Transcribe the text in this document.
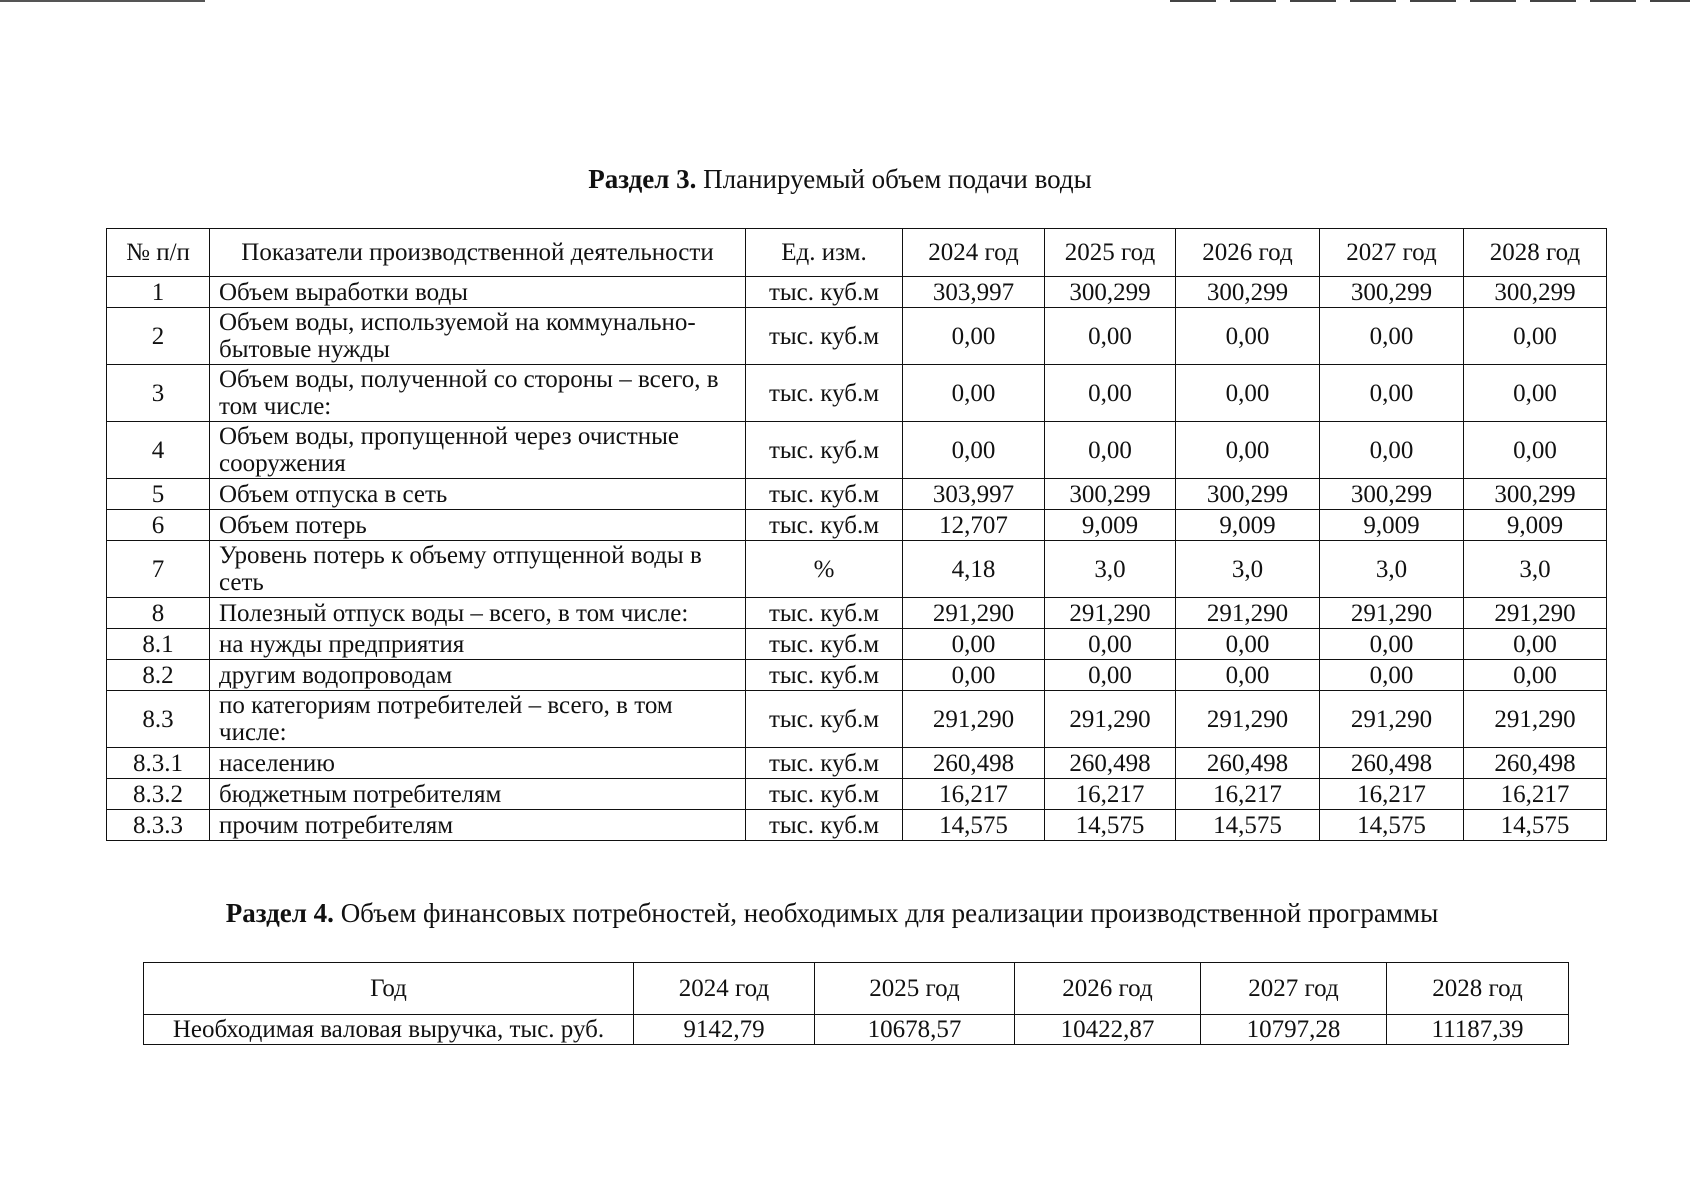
Раздел 3. Планируемый объем подачи воды
№ п/п	Показатели производственной деятельности	Ед. изм.	2024 год	2025 год	2026 год	2027 год	2028 год
1	Объем выработки воды	тыс. куб.м	303,997	300,299	300,299	300,299	300,299
2	Объем воды, используемой на коммунально-бытовые нужды	тыс. куб.м	0,00	0,00	0,00	0,00	0,00
3	Объем воды, полученной со стороны – всего, в том числе:	тыс. куб.м	0,00	0,00	0,00	0,00	0,00
4	Объем воды, пропущенной через очистные сооружения	тыс. куб.м	0,00	0,00	0,00	0,00	0,00
5	Объем отпуска в сеть	тыс. куб.м	303,997	300,299	300,299	300,299	300,299
6	Объем потерь	тыс. куб.м	12,707	9,009	9,009	9,009	9,009
7	Уровень потерь к объему отпущенной воды в сеть	%	4,18	3,0	3,0	3,0	3,0
8	Полезный отпуск воды – всего, в том числе:	тыс. куб.м	291,290	291,290	291,290	291,290	291,290
8.1	на нужды предприятия	тыс. куб.м	0,00	0,00	0,00	0,00	0,00
8.2	другим водопроводам	тыс. куб.м	0,00	0,00	0,00	0,00	0,00
8.3	по категориям потребителей – всего, в том числе:	тыс. куб.м	291,290	291,290	291,290	291,290	291,290
8.3.1	населению	тыс. куб.м	260,498	260,498	260,498	260,498	260,498
8.3.2	бюджетным потребителям	тыс. куб.м	16,217	16,217	16,217	16,217	16,217
8.3.3	прочим потребителям	тыс. куб.м	14,575	14,575	14,575	14,575	14,575
Раздел 4. Объем финансовых потребностей, необходимых для реализации производственной программы
Год	2024 год	2025 год	2026 год	2027 год	2028 год
Необходимая валовая выручка, тыс. руб.	9142,79	10678,57	10422,87	10797,28	11187,39
